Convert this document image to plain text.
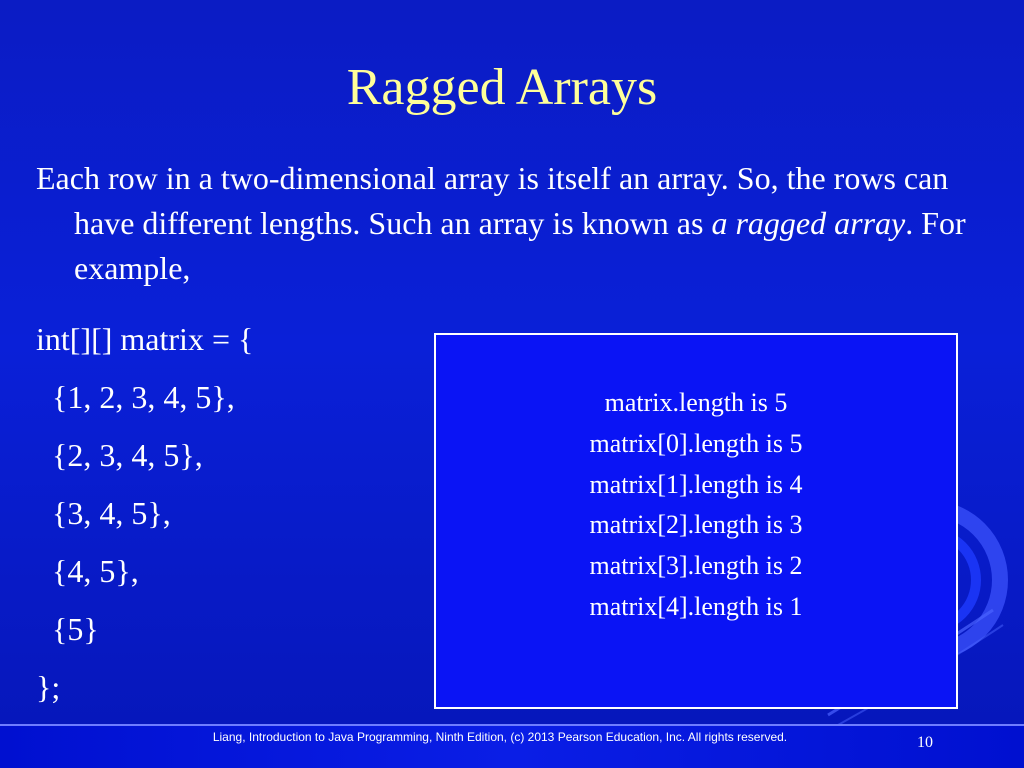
Ragged Arrays
Each row in a two-dimensional array is itself an array. So, the rows can have different lengths. Such an array is known as a ragged array. For example,
int[][] matrix = {
{1, 2, 3, 4, 5},
{2, 3, 4, 5},
{3, 4, 5},
{4, 5},
{5}
};
matrix.length is 5
matrix[0].length is 5
matrix[1].length is 4
matrix[2].length is 3
matrix[3].length is 2
matrix[4].length is 1
Liang, Introduction to Java Programming, Ninth Edition, (c) 2013 Pearson Education, Inc. All rights reserved.	10
